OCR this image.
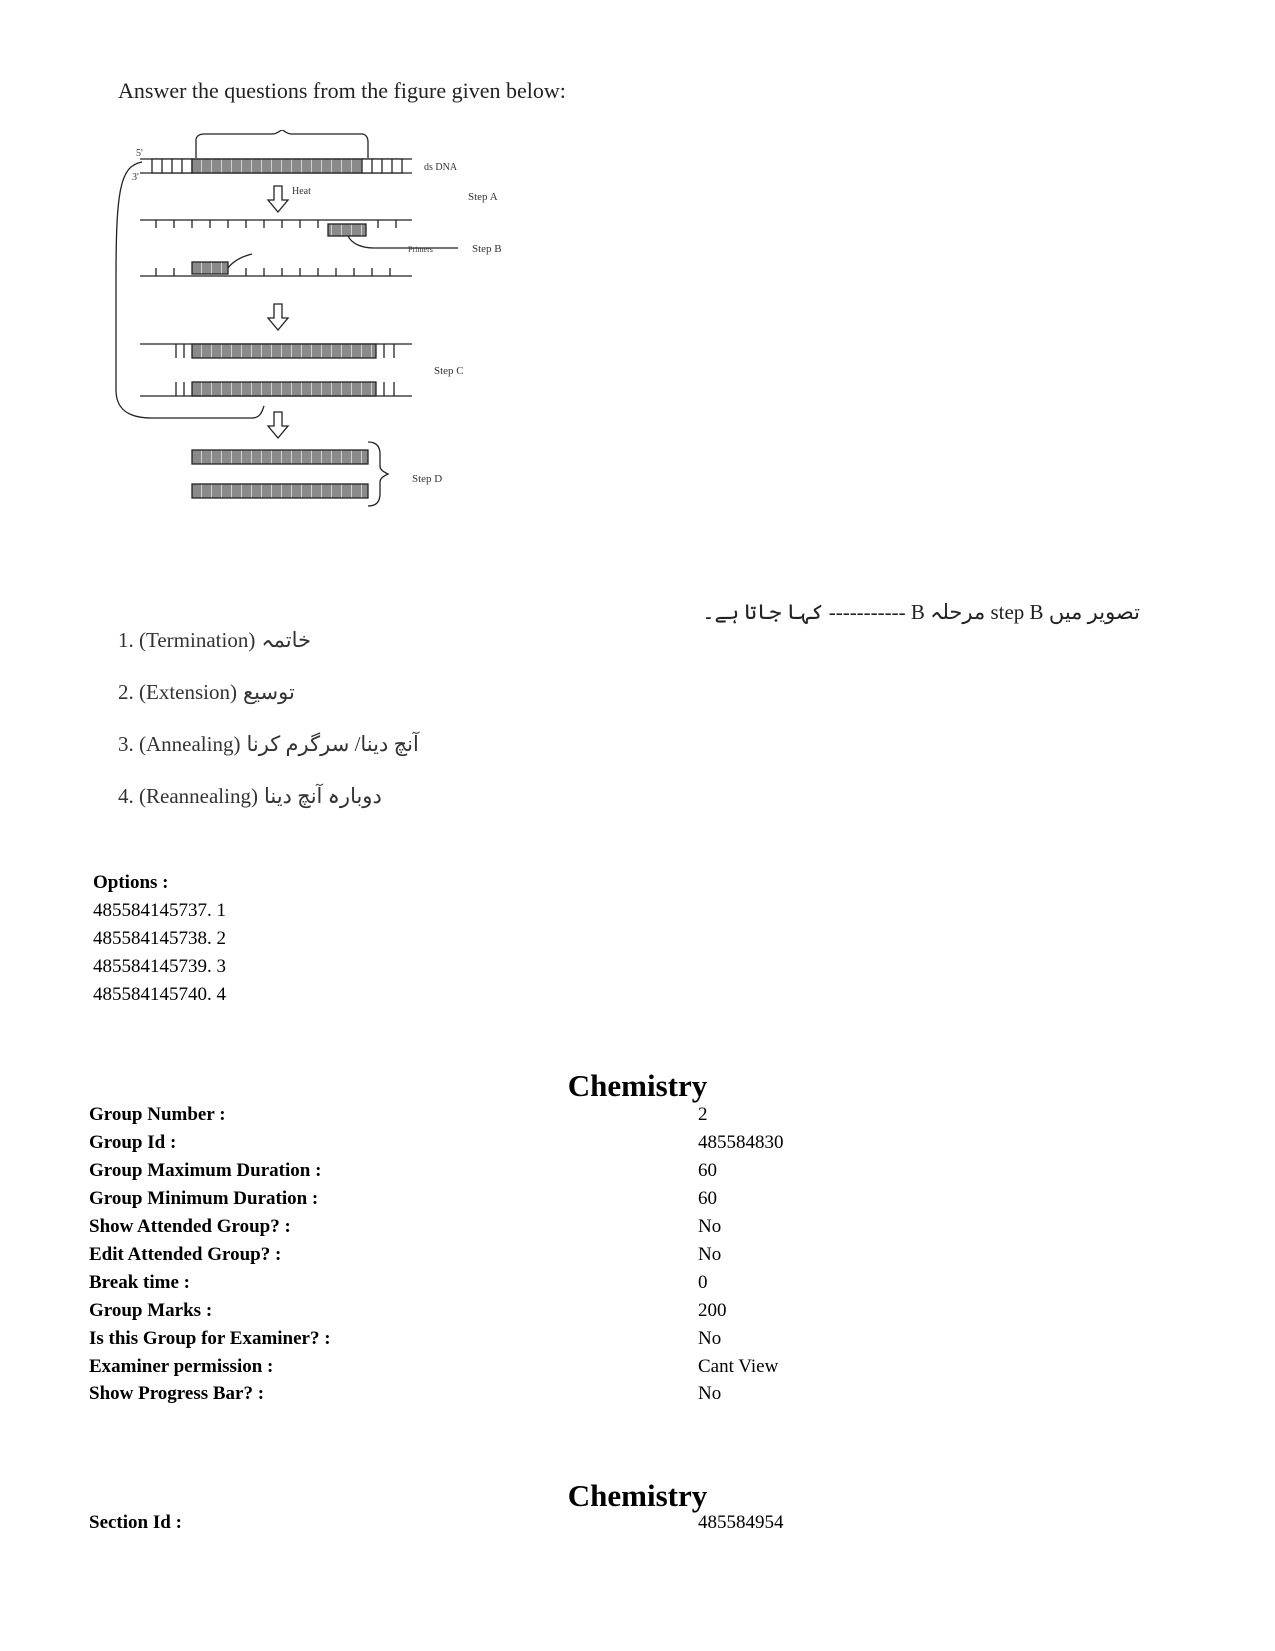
Answer the questions from the figure given below:
5'
3'
ds DNA
Heat	Step A
Primers	Step B
Step C
Step D
تصویر میں step B مرحلہ B ----------- کہا جاتا ہے۔
1. (Termination) خاتمہ
2. (Extension) توسیع
3. (Annealing) آنچ دینا/ سرگرم کرنا
4. (Reannealing) دوبارہ آنچ دینا
Options :
485584145737. 1
485584145738. 2
485584145739. 3
485584145740. 4
Chemistry
Group Number :	2
Group Id :	485584830
Group Maximum Duration :	60
Group Minimum Duration :	60
Show Attended Group? :	No
Edit Attended Group? :	No
Break time :	0
Group Marks :	200
Is this Group for Examiner? :	No
Examiner permission :	Cant View
Show Progress Bar? :	No
Chemistry
Section Id :	485584954
